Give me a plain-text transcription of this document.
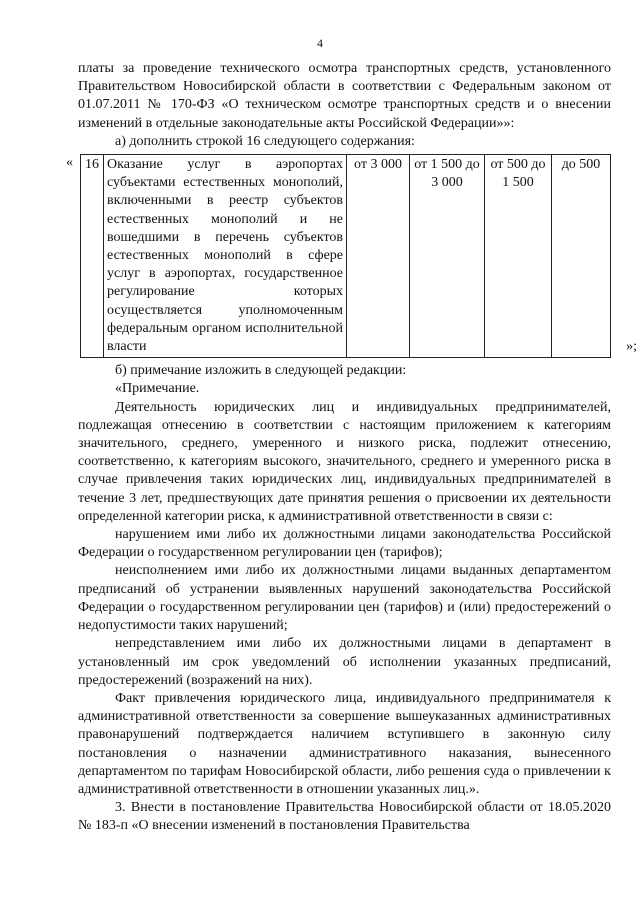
4

платы за проведение технического осмотра транспортных средств, установленного Правительством Новосибирской области в соответствии с Федеральным законом от 01.07.2011 № 170-ФЗ «О техническом осмотре транспортных средств и о внесении изменений в отдельные законодательные акты Российской Федерации»»:

а) дополнить строкой 16 следующего содержания:

« 16	Оказание услуг в аэропортах субъектами естественных монополий, включенными в реестр субъектов естественных монополий и не вошедшими в перечень субъектов естественных монополий в сфере услуг в аэропортах, государственное регулирование которых осуществляется уполномоченным федеральным органом исполнительной власти	от 3 000	от 1 500 до 3 000	от 500 до 1 500	до 500
»;

б) примечание изложить в следующей редакции:

«Примечание.

Деятельность юридических лиц и индивидуальных предпринимателей, подлежащая отнесению в соответствии с настоящим приложением к категориям значительного, среднего, умеренного и низкого риска, подлежит отнесению, соответственно, к категориям высокого, значительного, среднего и умеренного риска в случае привлечения таких юридических лиц, индивидуальных предпринимателей в течение 3 лет, предшествующих дате принятия решения о присвоении их деятельности определенной категории риска, к административной ответственности в связи с:

нарушением ими либо их должностными лицами законодательства Российской Федерации о государственном регулировании цен (тарифов);

неисполнением ими либо их должностными лицами выданных департаментом предписаний об устранении выявленных нарушений законодательства Российской Федерации о государственном регулировании цен (тарифов) и (или) предостережений о недопустимости таких нарушений;

непредставлением ими либо их должностными лицами в департамент в установленный им срок уведомлений об исполнении указанных предписаний, предостережений (возражений на них).

Факт привлечения юридического лица, индивидуального предпринимателя к административной ответственности за совершение вышеуказанных административных правонарушений подтверждается наличием вступившего в законную силу постановления о назначении административного наказания, вынесенного департаментом по тарифам Новосибирской области, либо решения суда о привлечении к административной ответственности в отношении указанных лиц.».

3. Внести в постановление Правительства Новосибирской области от 18.05.2020 № 183-п «О внесении изменений в постановления Правительства
